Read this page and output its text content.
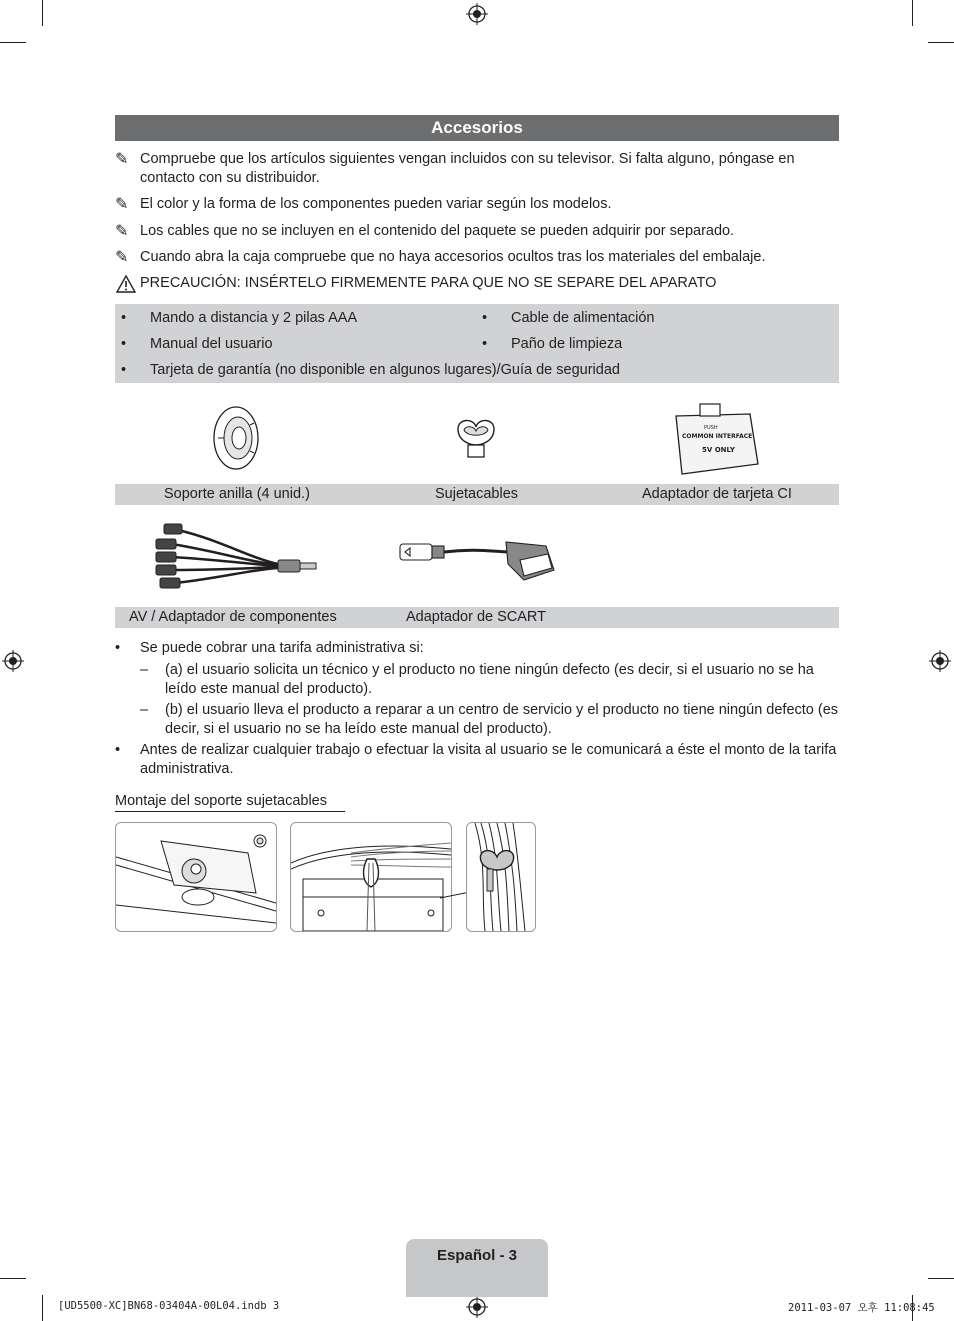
Accesorios
✎ Compruebe que los artículos siguientes vengan incluidos con su televisor. Si falta alguno, póngase en contacto con su distribuidor.
✎ El color y la forma de los componentes pueden variar según los modelos.
✎ Los cables que no se incluyen en el contenido del paquete se pueden adquirir por separado.
✎ Cuando abra la caja compruebe que no haya accesorios ocultos tras los materiales del embalaje.
PRECAUCIÓN: INSÉRTELO FIRMEMENTE PARA QUE NO SE SEPARE DEL APARATO
• Mando a distancia y 2 pilas AAA
• Manual del usuario
• Cable de alimentación
• Paño de limpieza
• Tarjeta de garantía (no disponible en algunos lugares)/Guía de seguridad
PUSH
COMMON INTERFACE
5V ONLY
Soporte anilla (4 unid.)	Sujetacables	Adaptador de tarjeta CI
AV / Adaptador de componentes	Adaptador de SCART
• Se puede cobrar una tarifa administrativa si:
– (a) el usuario solicita un técnico y el producto no tiene ningún defecto (es decir, si el usuario no se ha leído este manual del producto).
– (b) el usuario lleva el producto a reparar a un centro de servicio y el producto no tiene ningún defecto (es decir, si el usuario no se ha leído este manual del producto).
• Antes de realizar cualquier trabajo o efectuar la visita al usuario se le comunicará a éste el monto de la tarifa administrativa.
Montaje del soporte sujetacables
Español - 3
[UD5500-XC]BN68-03404A-00L04.indb 3	2011-03-07 오후 11:08:45
